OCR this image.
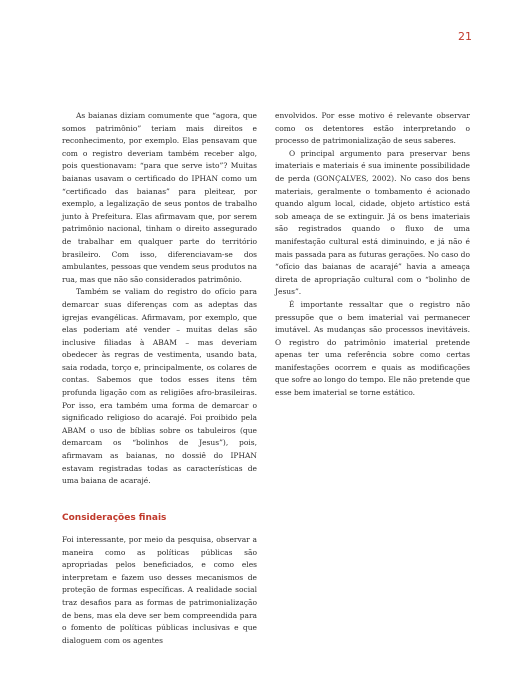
21

As baianas diziam comumente que “agora, que somos patrimônio” teriam mais direitos e reconhecimento, por exemplo. Elas pensavam que com o registro deveriam também receber algo, pois questionavam: “para que serve isto”? Muitas baianas usavam o certificado do IPHAN como um “certificado das baianas” para pleitear, por exemplo, a legalização de seus pontos de trabalho junto à Prefeitura. Elas afirmavam que, por serem patrimônio nacional, tinham o direito assegurado de trabalhar em qualquer parte do território brasileiro. Com isso, diferenciavam-se dos ambulantes, pessoas que vendem seus produtos na rua, mas que não são considerados patrimônio.

Também se valiam do registro do ofício para demarcar suas diferenças com as adeptas das igrejas evangélicas. Afirmavam, por exemplo, que elas poderiam até vender – muitas delas são inclusive filiadas à ABAM – mas deveriam obedecer às regras de vestimenta, usando bata, saia rodada, torço e, principalmente, os colares de contas. Sabemos que todos esses itens têm profunda ligação com as religiões afro-brasileiras. Por isso, era também uma forma de demarcar o significado religioso do acarajé. Foi proibido pela ABAM o uso de bíblias sobre os tabuleiros (que demarcam os “bolinhos de Jesus”), pois, afirmavam as baianas, no dossiê do IPHAN estavam registradas todas as características de uma baiana de acarajé.

envolvidos. Por esse motivo é relevante observar como os detentores estão interpretando o processo de patrimonialização de seus saberes.

O principal argumento para preservar bens imateriais e materiais é sua iminente possibilidade de perda (GONÇALVES, 2002). No caso dos bens materiais, geralmente o tombamento é acionado quando algum local, cidade, objeto artístico está sob ameaça de se extinguir. Já os bens imateriais são registrados quando o fluxo de uma manifestação cultural está diminuindo, e já não é mais passada para as futuras gerações. No caso do “ofício das baianas de acarajé” havia a ameaça direta de apropriação cultural com o “bolinho de Jesus”.

É importante ressaltar que o registro não pressupõe que o bem imaterial vai permanecer imutável. As mudanças são processos inevitáveis. O registro do patrimônio imaterial pretende apenas ter uma referência sobre como certas manifestações ocorrem e quais as modificações que sofre ao longo do tempo. Ele não pretende que esse bem imaterial se torne estático.

Considerações finais

Foi interessante, por meio da pesquisa, observar a maneira como as políticas públicas são apropriadas pelos beneficiados, e como eles interpretam e fazem uso desses mecanismos de proteção de formas específicas. A realidade social traz desafios para as formas de patrimonialização de bens, mas ela deve ser bem compreendida para o fomento de políticas públicas inclusivas e que dialoguem com os agentes
